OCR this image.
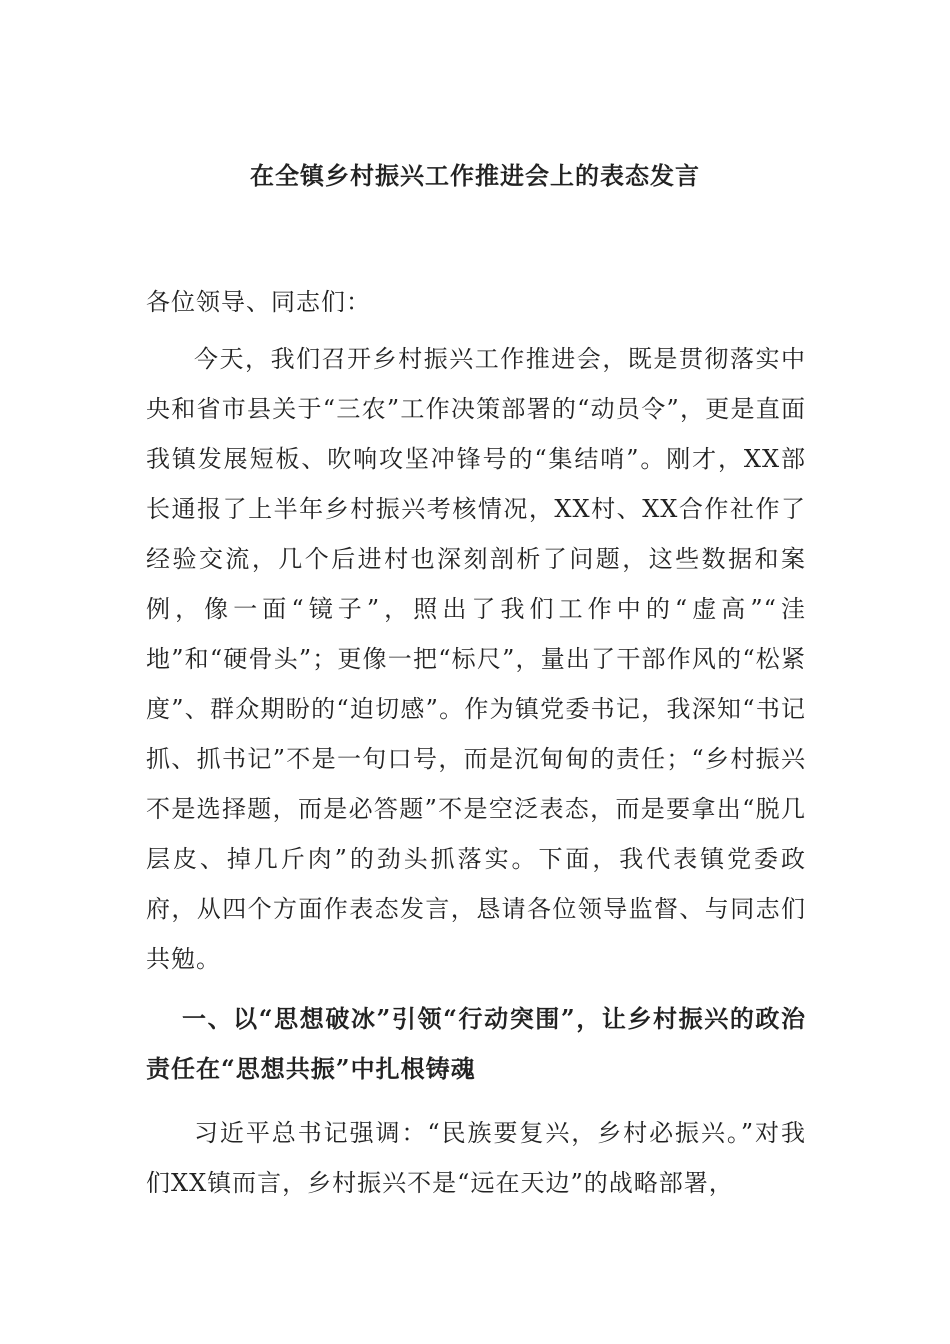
在全镇乡村振兴工作推进会上的表态发言
各位领导、同志们：

今天，我们召开乡村振兴工作推进会，既是贯彻落实中央和省市县关于“三农”工作决策部署的“动员令”，更是直面我镇发展短板、吹响攻坚冲锋号的“集结哨”。刚才，XX部长通报了上半年乡村振兴考核情况，XX村、XX合作社作了经验交流，几个后进村也深刻剖析了问题，这些数据和案例，像一面“镜子”，照出了我们工作中的“虚高”“洼地”和“硬骨头”；更像一把“标尺”，量出了干部作风的“松紧度”、群众期盼的“迫切感”。作为镇党委书记，我深知“书记抓、抓书记”不是一句口号，而是沉甸甸的责任；“乡村振兴不是选择题，而是必答题”不是空泛表态，而是要拿出“脱几层皮、掉几斤肉”的劲头抓落实。下面，我代表镇党委政府，从四个方面作表态发言，恳请各位领导监督、与同志们共勉。

一、以“思想破冰”引领“行动突围”，让乡村振兴的政治责任在“思想共振”中扎根铸魂

习近平总书记强调：“民族要复兴，乡村必振兴。”对我们XX镇而言，乡村振兴不是“远在天边”的战略部署，
